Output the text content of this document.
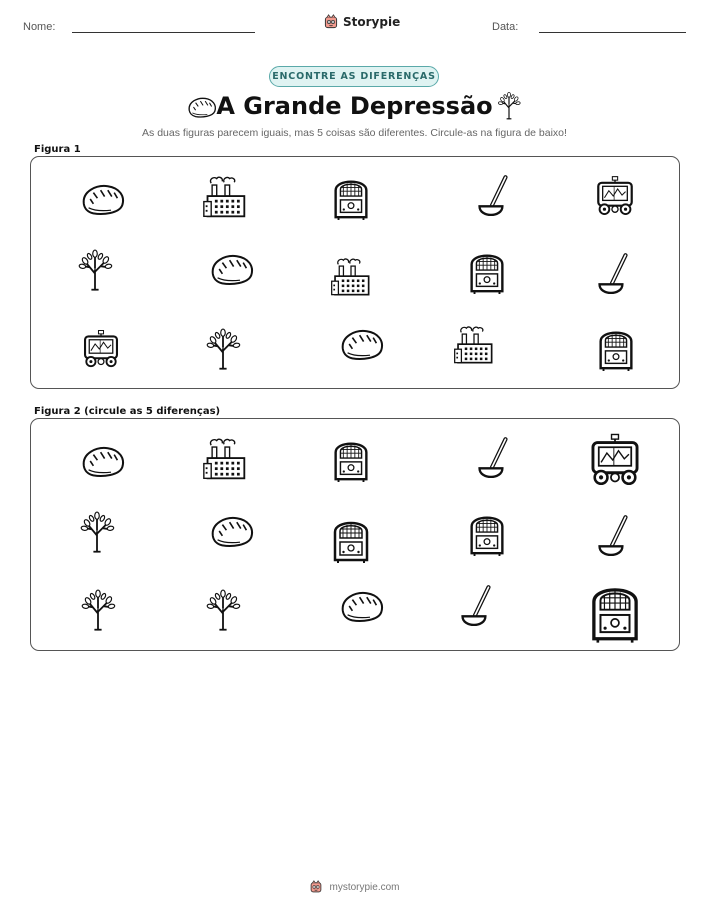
Nome:	Storypie	Data:
ENCONTRE AS DIFERENÇAS
A Grande Depressão
As duas figuras parecem iguais, mas 5 coisas são diferentes. Circule-as na figura de baixo!
Figura 1
Figura 2 (circule as 5 diferenças)
mystorypie.com
